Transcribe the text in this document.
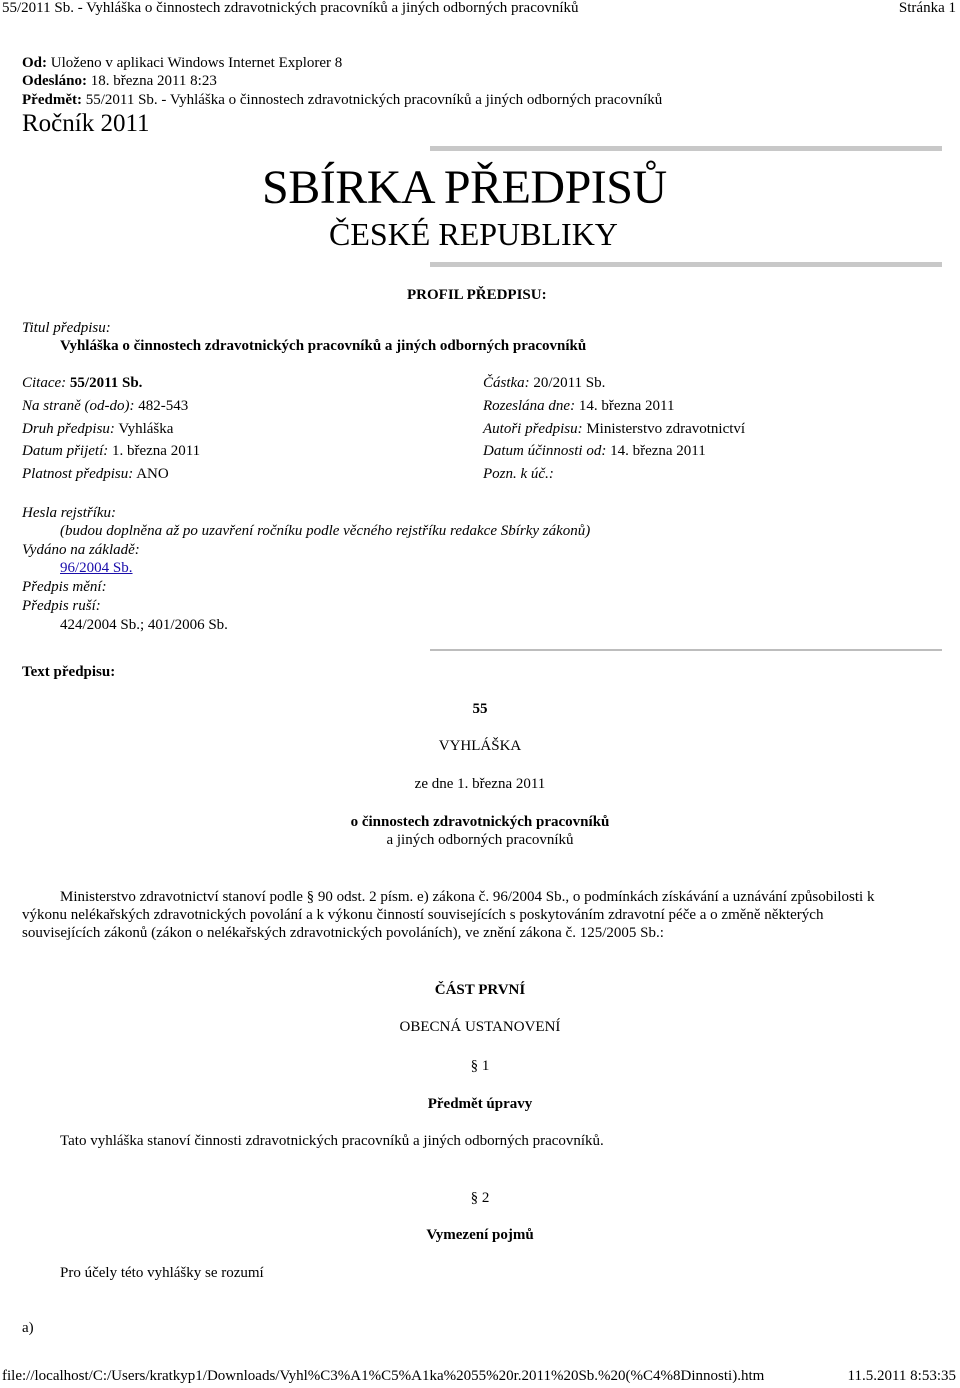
55/2011 Sb. - Vyhláška o činnostech zdravotnických pracovníků a jiných odborných pracovníků	Stránka 1
Od: Uloženo v aplikaci Windows Internet Explorer 8
Odesláno: 18. března 2011 8:23
Předmět: 55/2011 Sb. - Vyhláška o činnostech zdravotnických pracovníků a jiných odborných pracovníků
Ročník 2011
SBÍRKA PŘEDPISŮ
ČESKÉ REPUBLIKY
PROFIL PŘEDPISU:
Titul předpisu:
Vyhláška o činnostech zdravotnických pracovníků a jiných odborných pracovníků
Citace: 55/2011 Sb.	Částka: 20/2011 Sb.
Na straně (od-do): 482-543	Rozeslána dne: 14. března 2011
Druh předpisu: Vyhláška	Autoři předpisu: Ministerstvo zdravotnictví
Datum přijetí: 1. března 2011	Datum účinnosti od: 14. března 2011
Platnost předpisu: ANO	Pozn. k úč.:
Hesla rejstříku:
(budou doplněna až po uzavření ročníku podle věcného rejstříku redakce Sbírky zákonů)
Vydáno na základě:
96/2004 Sb.
Předpis mění:
Předpis ruší:
424/2004 Sb.; 401/2006 Sb.
Text předpisu:
55
VYHLÁŠKA
ze dne 1. března 2011
o činnostech zdravotnických pracovníků
a jiných odborných pracovníků
Ministerstvo zdravotnictví stanoví podle § 90 odst. 2 písm. e) zákona č. 96/2004 Sb., o podmínkách získávání a uznávání způsobilosti k
výkonu nelékařských zdravotnických povolání a k výkonu činností souvisejících s poskytováním zdravotní péče a o změně některých
souvisejících zákonů (zákon o nelékařských zdravotnických povoláních), ve znění zákona č. 125/2005 Sb.:
ČÁST PRVNÍ
OBECNÁ USTANOVENÍ
§ 1
Předmět úpravy
Tato vyhláška stanoví činnosti zdravotnických pracovníků a jiných odborných pracovníků.
§ 2
Vymezení pojmů
Pro účely této vyhlášky se rozumí
a)
file://localhost/C:/Users/kratkyp1/Downloads/Vyhl%C3%A1%C5%A1ka%2055%20r.2011%20Sb.%20(%C4%8Dinnosti).htm	11.5.2011 8:53:35
